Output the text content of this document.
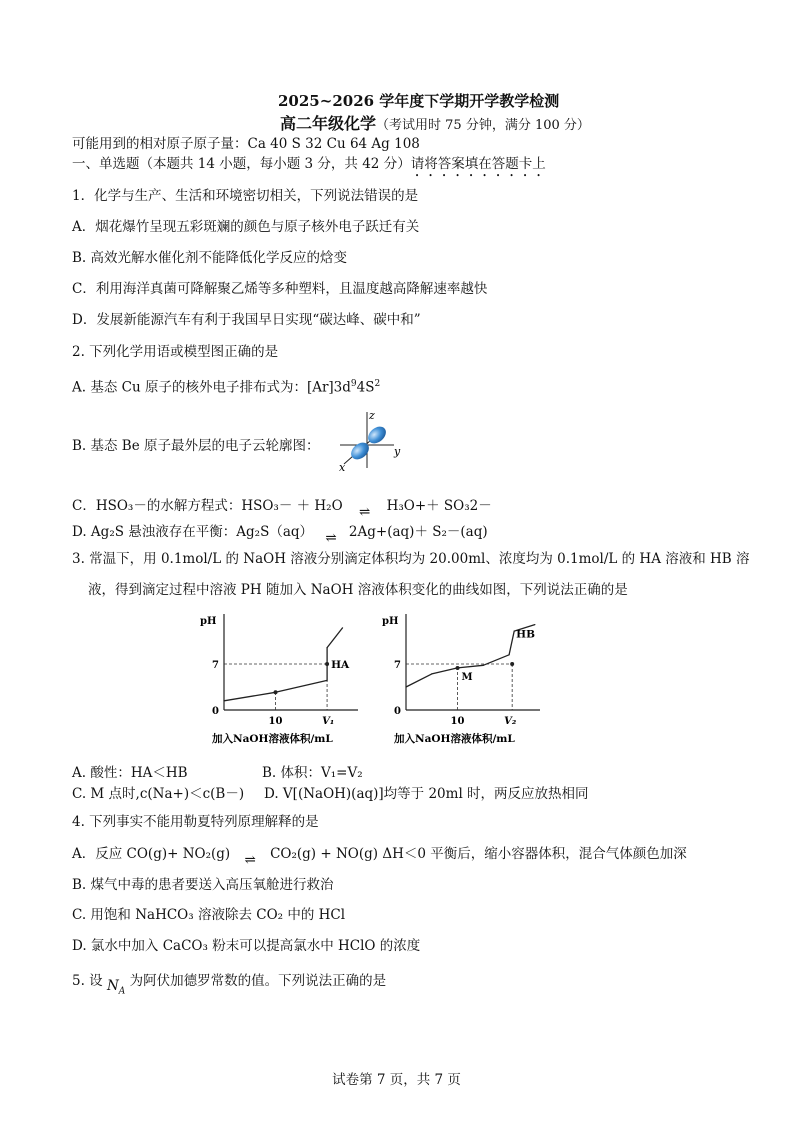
2025~2026 学年度下学期开学教学检测
高二年级化学（考试用时 75 分钟，满分 100 分）
可能用到的相对原子原子量：Ca 40 S 32 Cu 64 Ag 108
一、单选题（本题共 14 小题，每小题 3 分，共 42 分）请将答案填在答题卡上
1．化学与生产、生活和环境密切相关，下列说法错误的是
A．烟花爆竹呈现五彩斑斓的颜色与原子核外电子跃迁有关
B. 高效光解水催化剂不能降低化学反应的焓变
C．利用海洋真菌可降解聚乙烯等多种塑料，且温度越高降解速率越快
D．发展新能源汽车有利于我国早日实现“碳达峰、碳中和”
2. 下列化学用语或模型图正确的是
A. 基态 Cu 原子的核外电子排布式为：$[Ar]3d^94S^2$
B. 基态 Be 原子最外层的电子云轮廓图：
z
y
x
C．HSO₃－的水解方程式：HSO₃－ ＋ H₂O ⇌ H₃O+＋ SO₃2－
D. Ag₂S 悬浊液存在平衡：Ag₂S（aq） ⇌ 2Ag+(aq)＋ S₂－(aq)
3. 常温下，用 0.1mol/L 的 NaOH 溶液分别滴定体积均为 20.00ml、浓度均为 0.1mol/L 的 HA 溶液和 HB 溶
液，得到滴定过程中溶液 PH 随加入 NaOH 溶液体积变化的曲线如图，下列说法正确的是
pH
加入NaOH溶液体积/mL
0
7
10	V₁
HA
pH
加入NaOH溶液体积/mL
0
7
10	V₂
HB
M
A. 酸性：HA＜HB	B. 体积：V₁=V₂
C. M 点时,c(Na+)＜c(B－) D. V[(NaOH)(aq)]均等于 20ml 时，两反应放热相同
4. 下列事实不能用勒夏特列原理解释的是
A．反应 CO(g)+ NO₂(g) ⇌ CO₂(g) + NO(g) ΔH＜0 平衡后，缩小容器体积，混合气体颜色加深
B. 煤气中毒的患者要送入高压氧舱进行救治
C. 用饱和 NaHCO₃ 溶液除去 CO₂ 中的 HCl
D. 氯水中加入 CaCO₃ 粉末可以提高氯水中 HClO 的浓度
5. 设 $N_A$ 为阿伏加德罗常数的值。下列说法正确的是
试卷第 7 页，共 7 页
